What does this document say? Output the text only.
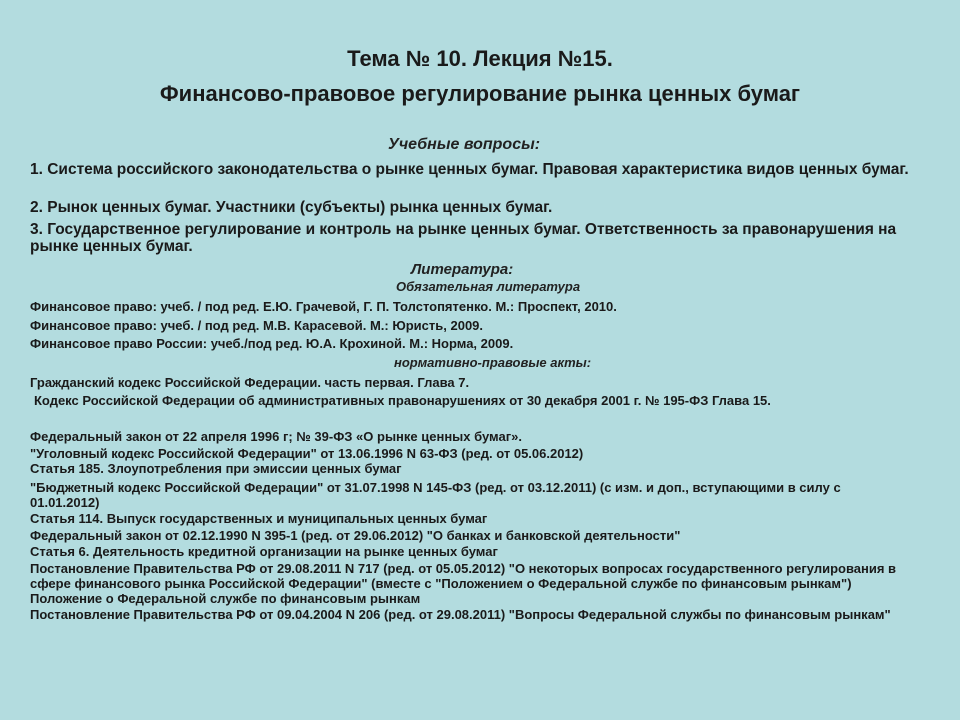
Тема № 10. Лекция №15.
Финансово-правовое регулирование рынка ценных бумаг

Учебные вопросы:

1. Система российского законодательства о рынке ценных бумаг. Правовая характеристика видов ценных бумаг.

2. Рынок ценных бумаг. Участники (субъекты) рынка ценных бумаг.

3. Государственное регулирование и контроль на рынке ценных бумаг. Ответственность за правонарушения на рынке ценных бумаг.

Литература:

Обязательная литература

Финансовое право: учеб. / под ред. Е.Ю. Грачевой, Г. П. Толстопятенко. М.: Проспект, 2010.

Финансовое право: учеб. / под ред. М.В. Карасевой. М.: Юристь, 2009.

Финансовое право России: учеб./под ред. Ю.А. Крохиной. М.: Норма, 2009.

нормативно-правовые акты:

Гражданский кодекс Российской Федерации. часть первая. Глава 7.

Кодекс Российской Федерации об административных правонарушениях от 30 декабря 2001 г. № 195-ФЗ Глава 15.

Федеральный закон от 22 апреля 1996 г; № 39-ФЗ «О рынке ценных бумаг».

"Уголовный кодекс Российской Федерации" от 13.06.1996 N 63-ФЗ (ред. от 05.06.2012)

Статья 185. Злоупотребления при эмиссии ценных бумаг

"Бюджетный кодекс Российской Федерации" от 31.07.1998 N 145-ФЗ (ред. от 03.12.2011) (с изм. и доп., вступающими в силу с 01.01.2012)

Статья 114. Выпуск государственных и муниципальных ценных бумаг

Федеральный закон от 02.12.1990 N 395-1 (ред. от 29.06.2012) "О банках и банковской деятельности"

Статья 6. Деятельность кредитной организации на рынке ценных бумаг

Постановление Правительства РФ от 29.08.2011 N 717 (ред. от 05.05.2012) "О некоторых вопросах государственного регулирования в сфере финансового рынка Российской Федерации" (вместе с "Положением о Федеральной службе по финансовым рынкам")
Положение о Федеральной службе по финансовым рынкам

Постановление Правительства РФ от 09.04.2004 N 206 (ред. от 29.08.2011) "Вопросы Федеральной службы по финансовым рынкам"
